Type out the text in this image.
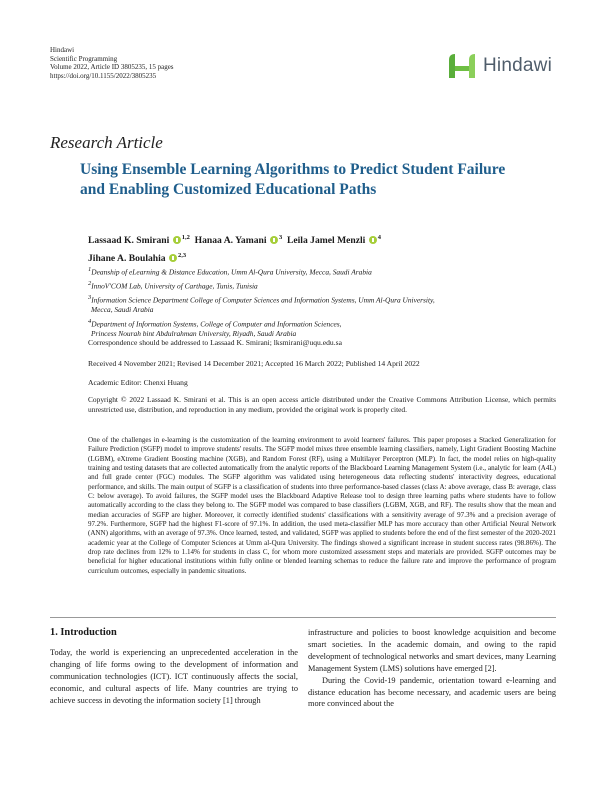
Hindawi
Scientific Programming
Volume 2022, Article ID 3805235, 15 pages
https://doi.org/10.1155/2022/3805235	Hindawi
Research Article
Using Ensemble Learning Algorithms to Predict Student Failure
and Enabling Customized Educational Paths
Lassaad K. Smirani $^{1,2}$ Hanaa A. Yamani $^3$ Leila Jamel Menzli $^4$
Jihane A. Boulahia $^{2,3}$

$^1$Deanship of eLearning & Distance Education, Umm Al-Qura University, Mecca, Saudi Arabia

$^2$InnoV'COM Lab, University of Carthage, Tunis, Tunisia

$^3$Information Science Department College of Computer Sciences and Information Systems, Umm Al-Qura University,
Mecca, Saudi Arabia

$^4$Department of Information Systems, College of Computer and Information Sciences,
Princess Nourah bint Abdulrahman University, Riyadh, Saudi Arabia

Correspondence should be addressed to Lassaad K. Smirani; lksmirani@uqu.edu.sa
Received 4 November 2021; Revised 14 December 2021; Accepted 16 March 2022; Published 14 April 2022
Academic Editor: Chenxi Huang
Copyright © 2022 Lassaad K. Smirani et al. This is an open access article distributed under the Creative Commons Attribution License, which permits unrestricted use, distribution, and reproduction in any medium, provided the original work is properly cited.
One of the challenges in e-learning is the customization of the learning environment to avoid learners' failures. This paper proposes a Stacked Generalization for Failure Prediction (SGFP) model to improve students' results. The SGFP model mixes three ensemble learning classifiers, namely, Light Gradient Boosting Machine (LGBM), eXtreme Gradient Boosting machine (XGB), and Random Forest (RF), using a Multilayer Perceptron (MLP). In fact, the model relies on high-quality training and testing datasets that are collected automatically from the analytic reports of the Blackboard Learning Management System (i.e., analytic for learn (A4L) and full grade center (FGC) modules. The SGFP algorithm was validated using heterogeneous data reflecting students' interactivity degrees, educational performance, and skills. The main output of SGFP is a classification of students into three performance-based classes (class A: above average, class B: average, class C: below average). To avoid failures, the SGFP model uses the Blackboard Adaptive Release tool to design three learning paths where students have to follow automatically according to the class they belong to. The SGFP model was compared to base classifiers (LGBM, XGB, and RF). The results show that the mean and median accuracies of SGFP are higher. Moreover, it correctly identified students' classifications with a sensitivity average of 97.3% and a precision average of 97.2%. Furthermore, SGFP had the highest F1-score of 97.1%. In addition, the used meta-classifier MLP has more accuracy than other Artificial Neural Network (ANN) algorithms, with an average of 97.3%. Once learned, tested, and validated, SGFP was applied to students before the end of the first semester of the 2020-2021 academic year at the College of Computer Sciences at Umm al-Qura University. The findings showed a significant increase in student success rates (98.86%). The drop rate declines from 12% to 1.14% for students in class C, for whom more customized assessment steps and materials are provided. SGFP outcomes may be beneficial for higher educational institutions within fully online or blended learning schemas to reduce the failure rate and improve the performance of program curriculum outcomes, especially in pandemic situations.
1. Introduction

Today, the world is experiencing an unprecedented acceleration in the changing of life forms owing to the development of information and communication technologies (ICT). ICT continuously affects the social, economic, and cultural aspects of life. Many countries are trying to achieve success in devoting the information society [1] through

infrastructure and policies to boost knowledge acquisition and become smart societies. In the academic domain, and owing to the rapid development of technological networks and smart devices, many Learning Management System (LMS) solutions have emerged [2].

During the Covid-19 pandemic, orientation toward e-learning and distance education has become necessary, and academic users are being more convinced about the
